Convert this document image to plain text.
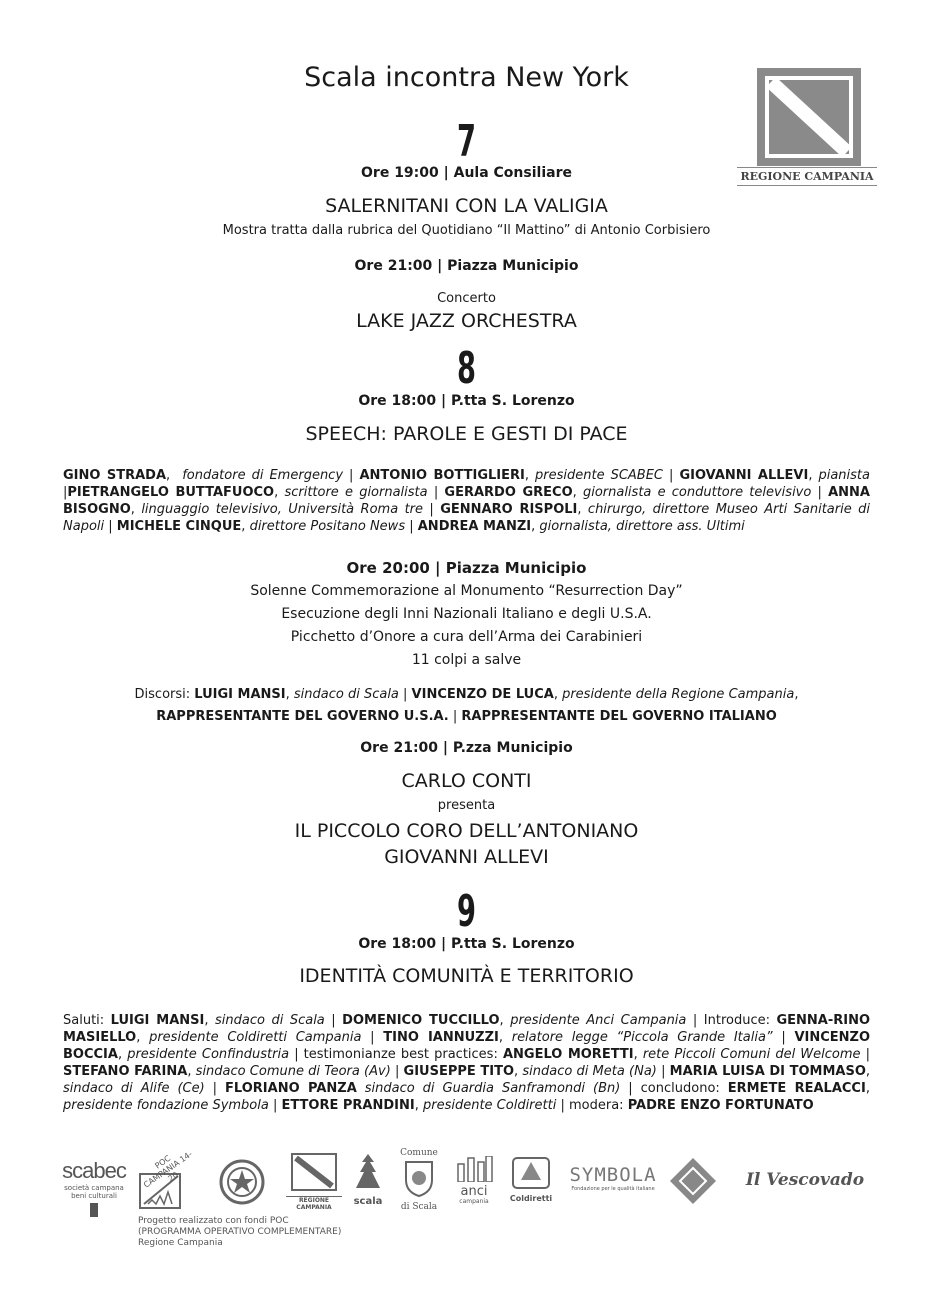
Scala incontra New York
REGIONE CAMPANIA
7
Ore 19:00 | Aula Consiliare
SALERNITANI CON LA VALIGIA
Mostra tratta dalla rubrica del Quotidiano “Il Mattino” di Antonio Corbisiero
Ore 21:00 | Piazza Municipio
Concerto
LAKE JAZZ ORCHESTRA
8
Ore 18:00 | P.tta S. Lorenzo
SPEECH: PAROLE E GESTI DI PACE
GINO STRADA,  fondatore di Emergency | ANTONIO BOTTIGLIERI, presidente SCABEC | GIOVANNI ALLEVI, pianista |PIETRANGELO BUTTAFUOCO, scrittore e giornalista | GERARDO GRECO, giornalista e conduttore televisivo | ANNA BISOGNO, linguaggio televisivo, Università Roma tre | GENNARO RISPOLI, chirurgo, direttore Museo Arti Sanitarie di Napoli | MICHELE CINQUE, direttore Positano News | ANDREA MANZI, giornalista, direttore ass. Ultimi
Ore 20:00 | Piazza Municipio
Solenne Commemorazione al Monumento “Resurrection Day”
Esecuzione degli Inni Nazionali Italiano e degli U.S.A.
Picchetto d’Onore a cura dell’Arma dei Carabinieri
11 colpi a salve
Discorsi: LUIGI MANSI, sindaco di Scala | VINCENZO DE LUCA, presidente della Regione Campania,
RAPPRESENTANTE DEL GOVERNO U.S.A. | RAPPRESENTANTE DEL GOVERNO ITALIANO
Ore 21:00 | P.zza Municipio
CARLO CONTI
presenta
IL PICCOLO CORO DELL’ANTONIANO
GIOVANNI ALLEVI
9
Ore 18:00 | P.tta S. Lorenzo
IDENTITÀ COMUNITÀ E TERRITORIO
Saluti: LUIGI MANSI, sindaco di Scala | DOMENICO TUCCILLO, presidente Anci Campania | Introduce: GENNA-RINO MASIELLO, presidente Coldiretti Campania | TINO IANNUZZI, relatore legge “Piccola Grande Italia” | VINCENZO BOCCIA, presidente Confindustria | testimonianze best practices: ANGELO MORETTI, rete Piccoli Comuni del Welcome | STEFANO FARINA, sindaco Comune di Teora (Av) | GIUSEPPE TITO, sindaco di Meta (Na) | MARIA LUISA DI TOMMASO, sindaco di Alife (Ce) | FLORIANO PANZA sindaco di Guardia Sanframondi (Bn) | concludono: ERMETE REALACCI, presidente fondazione Symbola | ETTORE PRANDINI, presidente Coldiretti | modera: PADRE ENZO FORTUNATO
scabec
società campana beni culturali
POC CAMPANIA 14-20
Progetto realizzato con fondi POC
(PROGRAMMA OPERATIVO COMPLEMENTARE)
Regione Campania
REGIONE CAMPANIA
scala
Comune
di Scala
anci
campania	Coldiretti
SYMBOLA
Fondazione per le qualità italiane	Il Vescovado
